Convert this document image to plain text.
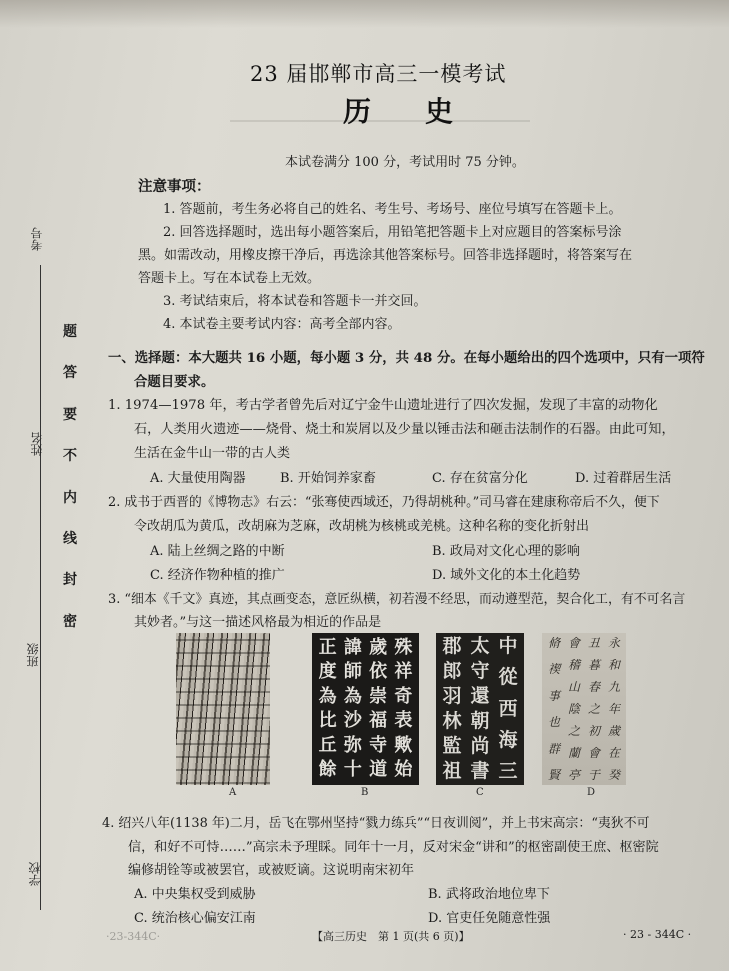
考号
姓名
班级
学校
题
答
要
不
内
线
封
密
23 届邯郸市高三一模考试
历史
本试卷满分 100 分，考试用时 75 分钟。
注意事项：
1. 答题前，考生务必将自己的姓名、考生号、考场号、座位号填写在答题卡上。
2. 回答选择题时，选出每小题答案后，用铅笔把答题卡上对应题目的答案标号涂
黑。如需改动，用橡皮擦干净后，再选涂其他答案标号。回答非选择题时，将答案写在
答题卡上。写在本试卷上无效。
3. 考试结束后，将本试卷和答题卡一并交回。
4. 本试卷主要考试内容：高考全部内容。
一、选择题：本大题共 16 小题，每小题 3 分，共 48 分。在每小题给出的四个选项中，只有一项符
合题目要求。
1. 1974—1978 年，考古学者曾先后对辽宁金牛山遗址进行了四次发掘，发现了丰富的动物化
石，人类用火遗迹——烧骨、烧土和炭屑以及少量以锤击法和砸击法制作的石器。由此可知，
生活在金牛山一带的古人类
A. 大量使用陶器	B. 开始饲养家畜	C. 存在贫富分化	D. 过着群居生活
2. 成书于西晋的《博物志》右云：“张骞使西域还，乃得胡桃种。”司马睿在建康称帝后不久，便下
令改胡瓜为黄瓜，改胡麻为芝麻，改胡桃为核桃或羌桃。这种名称的变化折射出
A. 陆上丝绸之路的中断	B. 政局对文化心理的影响
C. 经济作物种植的推广	D. 域外文化的本土化趋势
3. “细本《千文》真迹，其点画变态，意匠纵横，初若漫不经思，而动遵型范，契合化工，有不可名言
其妙者。”与这一描述风格最为相近的作品是
殊
祥
奇
表
歟
始
歲
依
崇
福
寺
道
諱
師
為
沙
弥
十
正
度
為
比
丘
餘
中
從
西
海
三
太
守
還
朝
尚
書
郡
郎
羽
林
監
祖
永
和
九
年
歲
在
癸
丑
暮
春
之
初
會
于
會
稽
山
陰
之
蘭
亭
脩
禊
事
也
群
賢
A	B	C	D
4. 绍兴八年(1138 年)二月，岳飞在鄂州坚持“戮力练兵”“日夜训阅”，并上书宋高宗：“夷狄不可
信，和好不可恃……”高宗未予理睬。同年十一月，反对宋金“讲和”的枢密副使王庶、枢密院
编修胡铨等或被罢官，或被贬谪。这说明南宋初年
A. 中央集权受到威胁	B. 武将政治地位卑下
C. 统治核心偏安江南	D. 官吏任免随意性强
·23-344C·	【高三历史　第 1 页(共 6 页)】	· 23 - 344C ·
